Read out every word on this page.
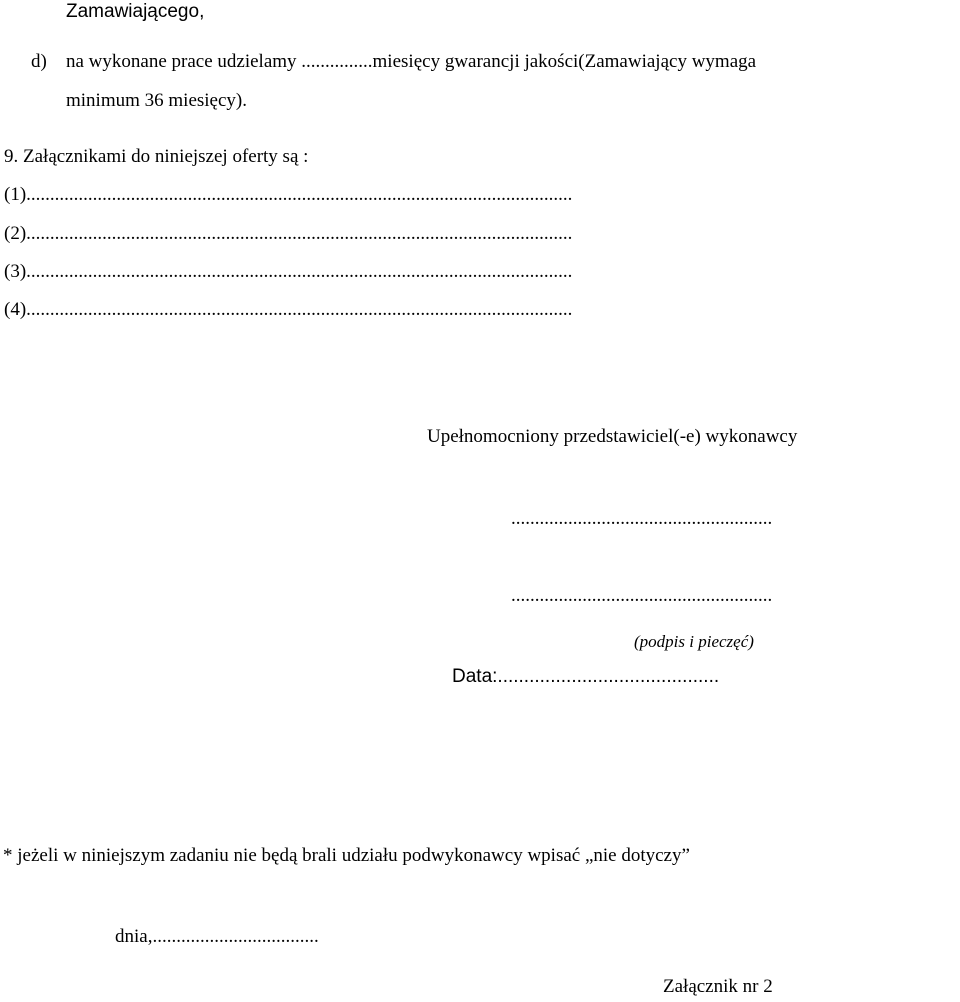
Zamawiającego,
d) na wykonane prace udzielamy ...............miesięcy gwarancji jakości(Zamawiający wymaga
minimum 36 miesięcy).
9. Załącznikami do niniejszej oferty są :
(1)...................................................................................................................
(2)...................................................................................................................
(3)...................................................................................................................
(4)...................................................................................................................
Upełnomocniony przedstawiciel(-e) wykonawcy
.......................................................
.......................................................
(podpis i pieczęć)
Data:..........................................
* jeżeli w niniejszym zadaniu nie będą brali udziału podwykonawcy wpisać „nie dotyczy”
dnia,...................................
Załącznik nr 2
